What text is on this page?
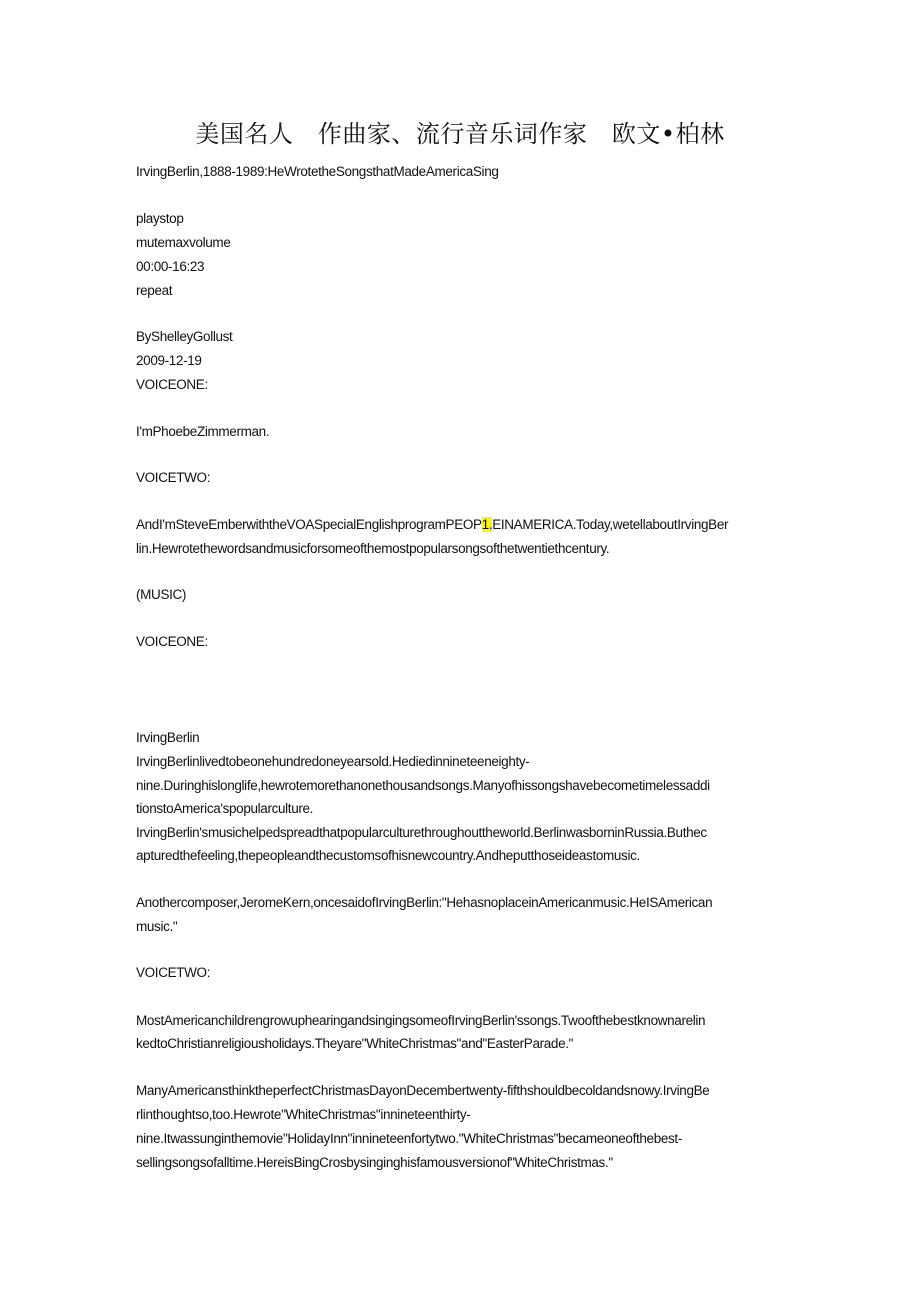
美国名人　作曲家、流行音乐词作家　欧文•柏林
IrvingBerlin,1888-1989:HeWrotetheSongsthatMadeAmericaSing
playstop
mutemaxvolume
00:00-16:23
repeat
ByShelleyGollust
2009-12-19
VOICEONE:
I'mPhoebeZimmerman.
VOICETWO:
AndI'mSteveEmberwiththeVOASpecialEnglishprogramPEOP1.EINAMERICA.Today,wetellaboutIrvingBer
lin.Hewrotethewordsandmusicforsomeofthemostpopularsongsofthetwentiethcentury.
(MUSIC)
VOICEONE:
IrvingBerlin
IrvingBerlinlivedtobeonehundredoneyearsold.Hediedinnineteeneighty-
nine.Duringhislonglife,hewrotemorethanonethousandsongs.Manyofhissongshavebecometimelessaddi
tionstoAmerica'spopularculture.
IrvingBerlin'smusichelpedspreadthatpopularculturethroughouttheworld.BerlinwasborninRussia.Buthec
apturedthefeeling,thepeopleandthecustomsofhisnewcountry.Andheputthoseideastomusic.
Anothercomposer,JeromeKern,oncesaidofIrvingBerlin:"HehasnoplaceinAmericanmusic.HeISAmerican
music."
VOICETWO:
MostAmericanchildrengrowuphearingandsingingsomeofIrvingBerlin'ssongs.Twoofthebestknownarelin
kedtoChristianreligiousholidays.Theyare"WhiteChristmas"and"EasterParade."
ManyAmericansthinktheperfectChristmasDayonDecembertwenty-fifthshouldbecoldandsnowy.IrvingBe
rlinthoughtso,too.Hewrote"WhiteChristmas"innineteenthirty-
nine.Itwassunginthemovie"HolidayInn"innineteenfortytwo."WhiteChristmas"becameoneofthebest-
sellingsongsofalltime.HereisBingCrosbysinginghisfamousversionof"WhiteChristmas."
